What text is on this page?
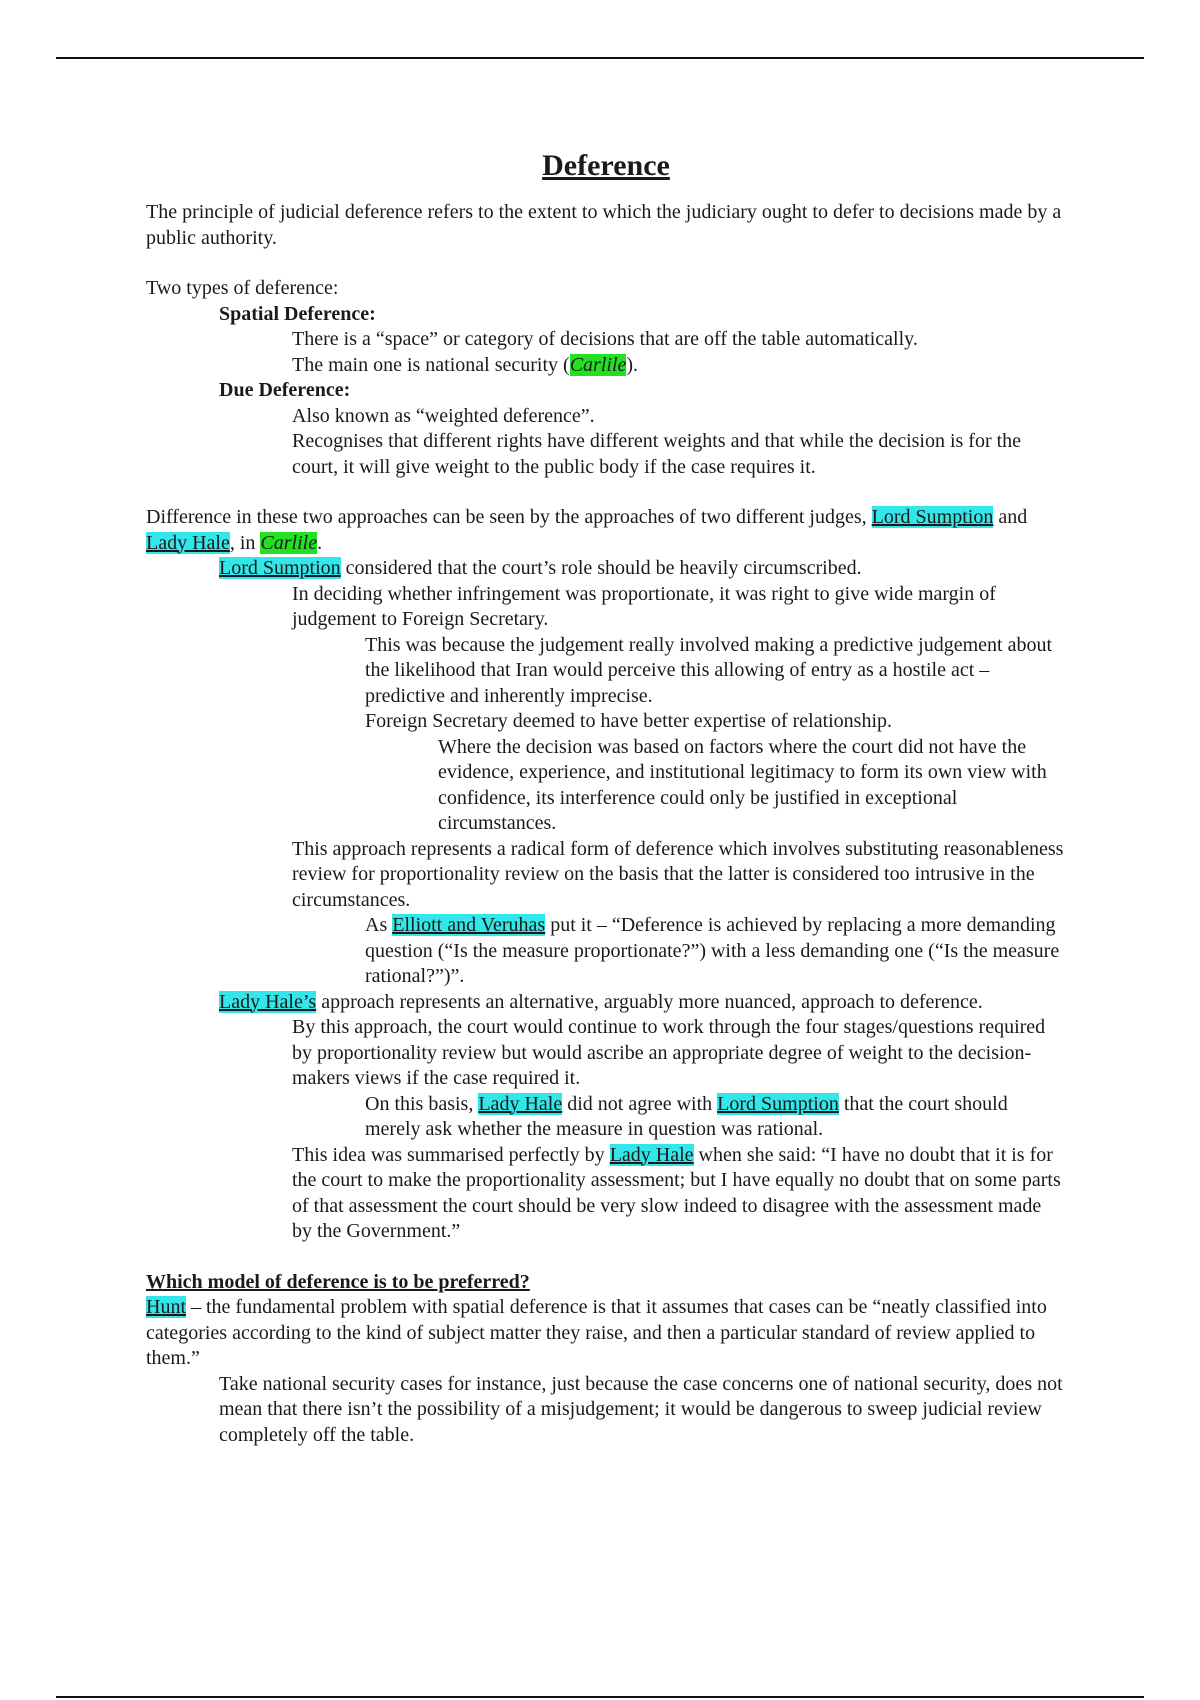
Deference

The principle of judicial deference refers to the extent to which the judiciary ought to defer to decisions made by a public authority.

Two types of deference:

Spatial Deference:

There is a “space” or category of decisions that are off the table automatically.

The main one is national security (Carlile).

Due Deference:

Also known as “weighted deference”.

Recognises that different rights have different weights and that while the decision is for the court, it will give weight to the public body if the case requires it.

Difference in these two approaches can be seen by the approaches of two different judges, Lord Sumption and Lady Hale, in Carlile.

Lord Sumption considered that the court’s role should be heavily circumscribed.

In deciding whether infringement was proportionate, it was right to give wide margin of judgement to Foreign Secretary.

This was because the judgement really involved making a predictive judgement about the likelihood that Iran would perceive this allowing of entry as a hostile act – predictive and inherently imprecise.

Foreign Secretary deemed to have better expertise of relationship.

Where the decision was based on factors where the court did not have the evidence, experience, and institutional legitimacy to form its own view with confidence, its interference could only be justified in exceptional circumstances.

This approach represents a radical form of deference which involves substituting reasonableness review for proportionality review on the basis that the latter is considered too intrusive in the circumstances.

As Elliott and Veruhas put it – “Deference is achieved by replacing a more demanding question (“Is the measure proportionate?”) with a less demanding one (“Is the measure rational?”)”.

Lady Hale’s approach represents an alternative, arguably more nuanced, approach to deference.

By this approach, the court would continue to work through the four stages/questions required by proportionality review but would ascribe an appropriate degree of weight to the decision-makers views if the case required it.

On this basis, Lady Hale did not agree with Lord Sumption that the court should merely ask whether the measure in question was rational.

This idea was summarised perfectly by Lady Hale when she said: “I have no doubt that it is for the court to make the proportionality assessment; but I have equally no doubt that on some parts of that assessment the court should be very slow indeed to disagree with the assessment made by the Government.”

Which model of deference is to be preferred?

Hunt – the fundamental problem with spatial deference is that it assumes that cases can be “neatly classified into categories according to the kind of subject matter they raise, and then a particular standard of review applied to them.”

Take national security cases for instance, just because the case concerns one of national security, does not mean that there isn’t the possibility of a misjudgement; it would be dangerous to sweep judicial review completely off the table.
